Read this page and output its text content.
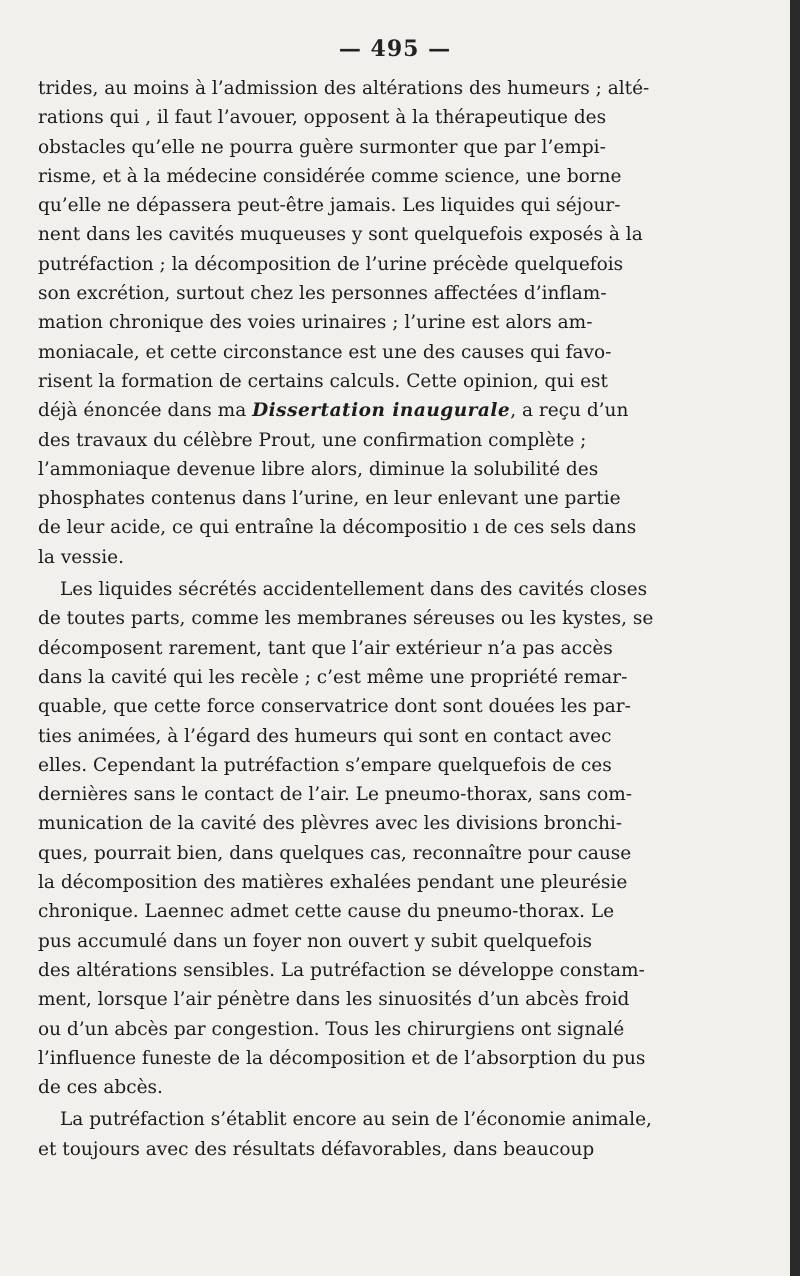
— 495 —

trides, au moins à l’admission des altérations des humeurs ; alté-
rations qui , il faut l’avouer, opposent à la thérapeutique des
obstacles qu’elle ne pourra guère surmonter que par l’empi-
risme, et à la médecine considérée comme science, une borne
qu’elle ne dépassera peut-être jamais. Les liquides qui séjour-
nent dans les cavités muqueuses y sont quelquefois exposés à la
putréfaction ; la décomposition de l’urine précède quelquefois
son excrétion, surtout chez les personnes affectées d’inflam-
mation chronique des voies urinaires ; l’urine est alors am-
moniacale, et cette circonstance est une des causes qui favo-
risent la formation de certains calculs. Cette opinion, qui est
déjà énoncée dans ma Dissertation inaugurale, a reçu d’un
des travaux du célèbre Prout, une confirmation complète ;
l’ammoniaque devenue libre alors, diminue la solubilité des
phosphates contenus dans l’urine, en leur enlevant une partie
de leur acide, ce qui entraîne la décompositio ı de ces sels dans
la vessie.

Les liquides sécrétés accidentellement dans des cavités closes
de toutes parts, comme les membranes séreuses ou les kystes, se
décomposent rarement, tant que l’air extérieur n’a pas accès
dans la cavité qui les recèle ; c’est même une propriété remar-
quable, que cette force conservatrice dont sont douées les par-
ties animées, à l’égard des humeurs qui sont en contact avec
elles. Cependant la putréfaction s’empare quelquefois de ces
dernières sans le contact de l’air. Le pneumo-thorax, sans com-
munication de la cavité des plèvres avec les divisions bronchi-
ques, pourrait bien, dans quelques cas, reconnaître pour cause
la décomposition des matières exhalées pendant une pleurésie
chronique. Laennec admet cette cause du pneumo-thorax. Le
pus accumulé dans un foyer non ouvert y subit quelquefois
des altérations sensibles. La putréfaction se développe constam-
ment, lorsque l’air pénètre dans les sinuosités d’un abcès froid
ou d’un abcès par congestion. Tous les chirurgiens ont signalé
l’influence funeste de la décomposition et de l’absorption du pus
de ces abcès.

La putréfaction s’établit encore au sein de l’économie animale,
et toujours avec des résultats défavorables, dans beaucoup
